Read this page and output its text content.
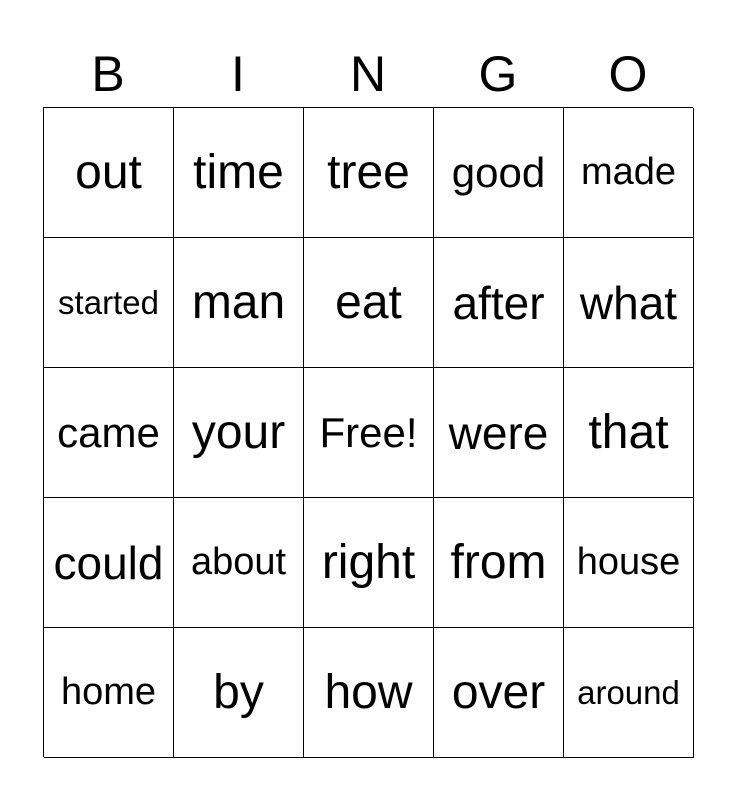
B	I	N	G	O
out	time tree good made
started man	eat	after what
came your Free! were that
could about right from house
home	by	how over around
